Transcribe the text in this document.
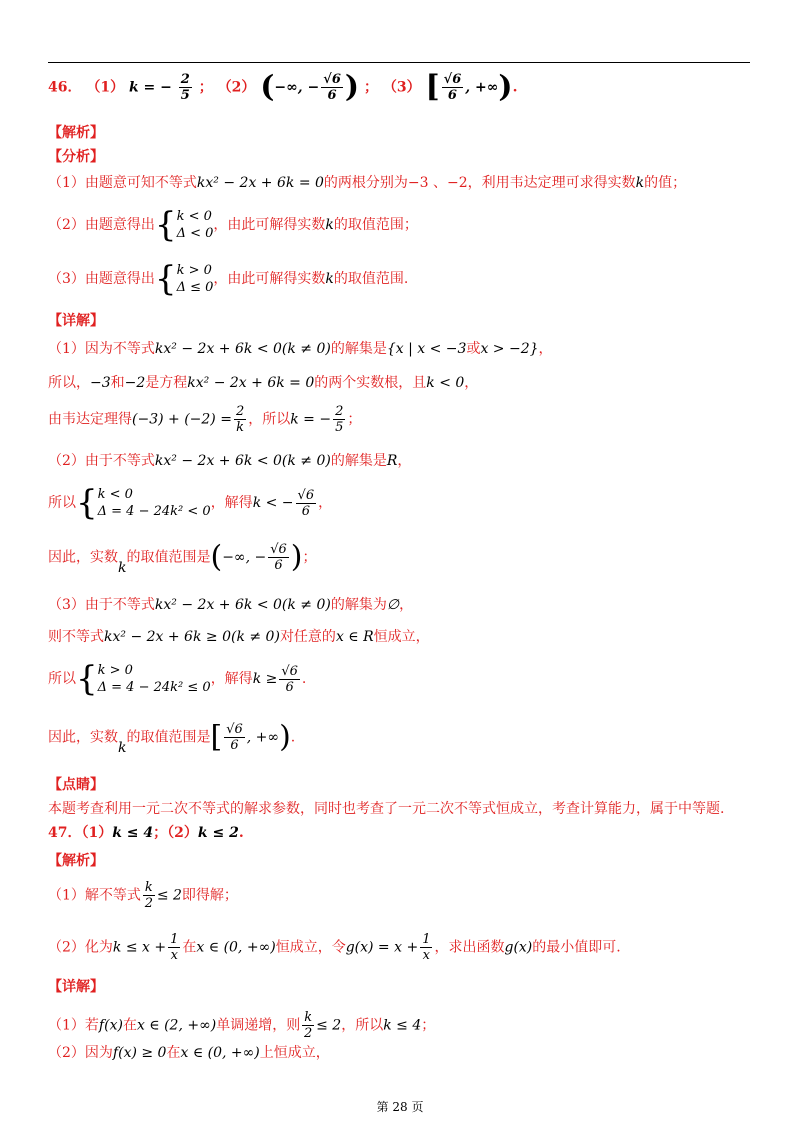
46． （1） k = − $\frac{2}{5}$ ； （2） (−∞, − $\frac{√6}{6}$ ) ； （3） [ $\frac{√6}{6}$ , +∞).
【解析】
【分析】
（1）由题意可知不等式kx² − 2x + 6k = 0的两根分别为−3 、−2，利用韦达定理可求得实数k的值；
（2）由题意得出{k < 0
Δ < 0，由此可解得实数k的取值范围；
（3）由题意得出{k > 0
Δ ≤ 0，由此可解得实数k的取值范围.
【详解】
（1）因为不等式kx² − 2x + 6k < 0(k ≠ 0)的解集是{x | x < −3或x > −2}，
所以，−3和−2是方程kx² − 2x + 6k = 0的两个实数根，且k < 0，
由韦达定理得$(-3) + (-2) = \frac{2}{k}$ ，所以k = − $\frac{2}{5}$ ；
（2）由于不等式kx² − 2x + 6k < 0(k ≠ 0)的解集是R，
所以{k < 0
Δ = 4 − 24k² < 0，解得k < − $\frac{√6}{6}$ ，
因此，实数k的取值范围是(−∞, − $\frac{√6}{6}$ )；
（3）由于不等式kx² − 2x + 6k < 0(k ≠ 0)的解集为∅，
则不等式kx² − 2x + 6k ≥ 0(k ≠ 0)对任意的x ∈ R恒成立，
所以{k > 0
Δ = 4 − 24k² ≤ 0，解得$k \ge \frac{√6}{6}$ .
因此，实数k的取值范围是[ $\frac{√6}{6}$ , +∞).
【点睛】
本题考查利用一元二次不等式的解求参数，同时也考查了一元二次不等式恒成立，考查计算能力，属于中等题.
47．（1）k ≤ 4；（2）k ≤ 2.
【解析】
（1）解不等式 $\frac{k}{2} \le 2$即得解；
（2）化为$k \le x + \frac{1}{x}$ 在x ∈ (0, +∞)恒成立，令$g(x) = x + \frac{1}{x}$ ，求出函数g(x)的最小值即可.
【详解】
（1）若f(x)在x ∈ (2, +∞)单调递增，则 $\frac{k}{2} \le 2$，所以k ≤ 4；
（2）因为f(x) ≥ 0在x ∈ (0, +∞)上恒成立，
第 28 页
